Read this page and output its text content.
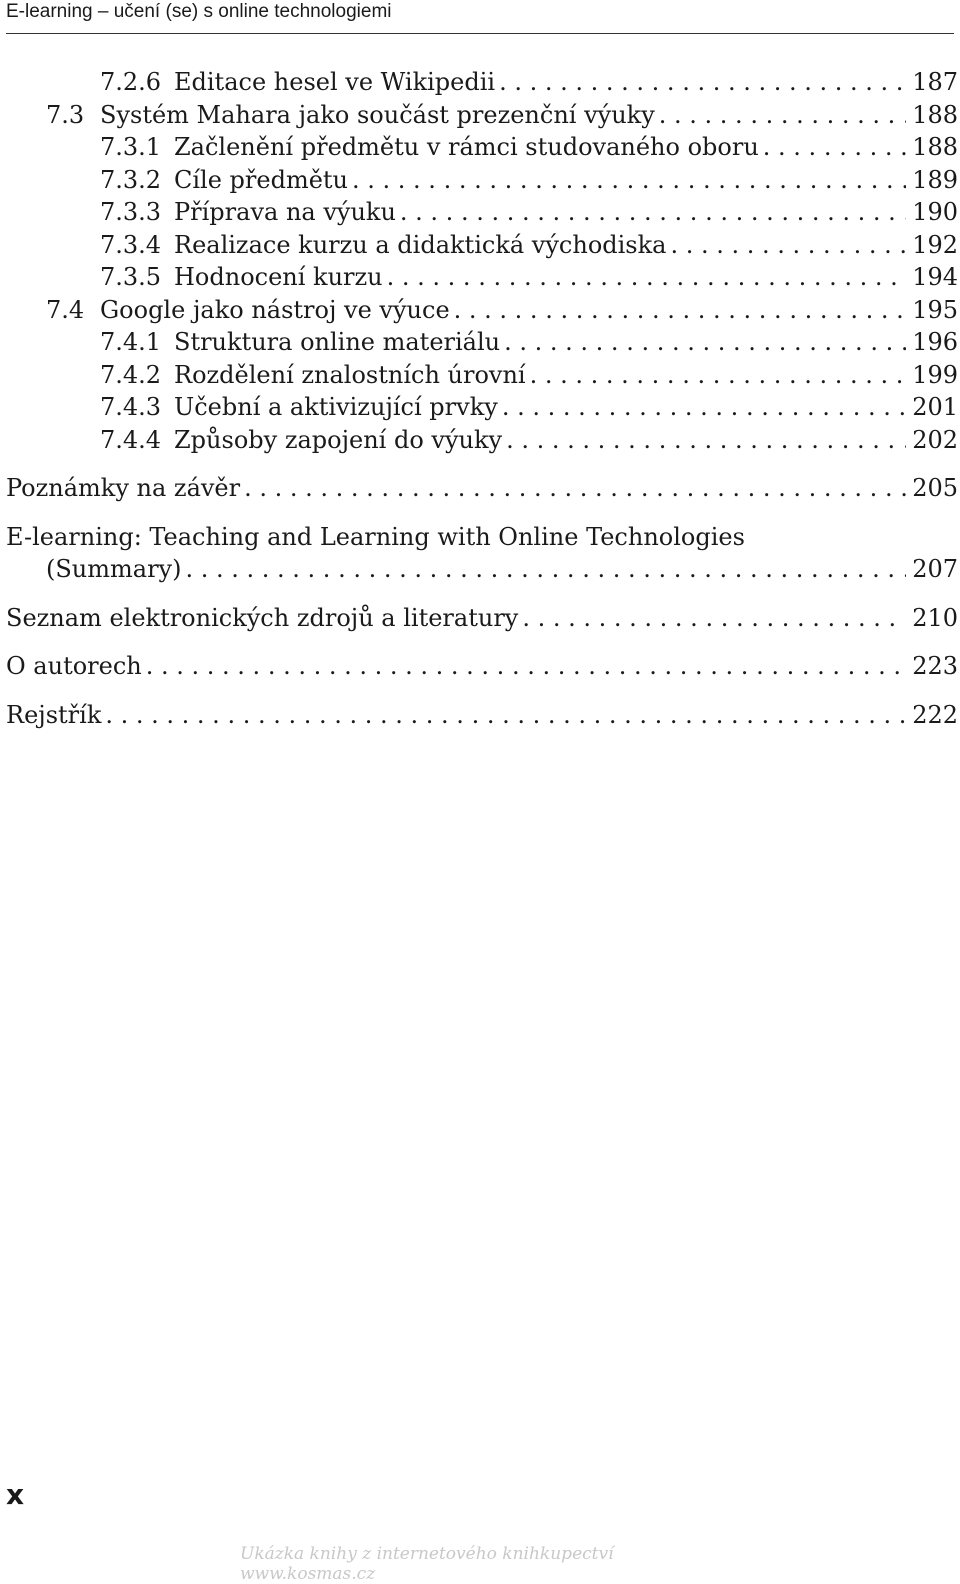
E-learning – učení (se) s online technologiemi
7.2.6 Editace hesel ve Wikipedii . . .	187
7.3 Systém Mahara jako součást prezenční výuky . . .	188
7.3.1 Začlenění předmětu v rámci studovaného oboru . . .	188
7.3.2 Cíle předmětu . . .	189
7.3.3 Příprava na výuku . . .	190
7.3.4 Realizace kurzu a didaktická východiska . . .	192
7.3.5 Hodnocení kurzu . . .	194
7.4 Google jako nástroj ve výuce . . .	195
7.4.1 Struktura online materiálu . . .	196
7.4.2 Rozdělení znalostních úrovní . . .	199
7.4.3 Učební a aktivizující prvky . . .	201
7.4.4 Způsoby zapojení do výuky . . .	202
Poznámky na závěr . . .	205
E-learning: Teaching and Learning with Online Technologies
(Summary) . . .	207
Seznam elektronických zdrojů a literatury . . .	210
O autorech . . .	223
Rejstřík . . .	222
x
Ukázka knihy z internetového knihkupectví www.kosmas.cz
